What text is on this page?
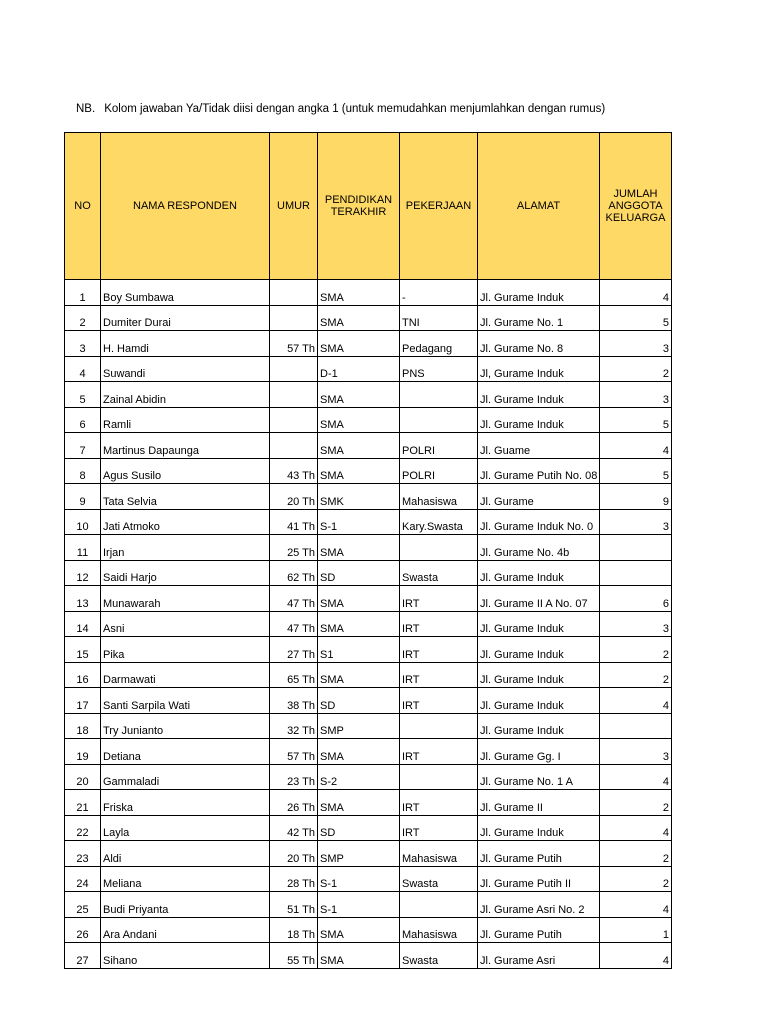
NB. Kolom jawaban Ya/Tidak diisi dengan angka 1 (untuk memudahkan menjumlahkan dengan rumus)
NO	NAMA RESPONDEN	UMUR	PENDIDIKAN TERAKHIR	PEKERJAAN	ALAMAT	JUMLAH ANGGOTA KELUARGA
1	Boy Sumbawa		SMA	-	Jl. Gurame Induk	4
2	Dumiter Durai		SMA	TNI	Jl. Gurame No. 1	5
3	H. Hamdi	57 Th	SMA	Pedagang	Jl. Gurame No. 8	3
4	Suwandi		D-1	PNS	Jl, Gurame Induk	2
5	Zainal Abidin		SMA		Jl. Gurame Induk	3
6	Ramli		SMA		Jl. Gurame Induk	5
7	Martinus Dapaunga		SMA	POLRI	Jl. Guame	4
8	Agus Susilo	43 Th	SMA	POLRI	Jl. Gurame Putih No. 08	5
9	Tata Selvia	20 Th	SMK	Mahasiswa	Jl. Gurame	9
10	Jati Atmoko	41 Th	S-1	Kary.Swasta	Jl. Gurame Induk No. 0	3
11	Irjan	25 Th	SMA		Jl. Gurame No. 4b	
12	Saidi Harjo	62 Th	SD	Swasta	Jl. Gurame Induk	
13	Munawarah	47 Th	SMA	IRT	Jl. Gurame II A No. 07	6
14	Asni	47 Th	SMA	IRT	Jl. Gurame Induk	3
15	Pika	27 Th	S1	IRT	Jl. Gurame Induk	2
16	Darmawati	65 Th	SMA	IRT	Jl. Gurame Induk	2
17	Santi Sarpila Wati	38 Th	SD	IRT	Jl. Gurame Induk	4
18	Try Junianto	32 Th	SMP		Jl. Gurame Induk	
19	Detiana	57 Th	SMA	IRT	Jl. Gurame Gg. I	3
20	Gammaladi	23 Th	S-2		Jl. Gurame No. 1 A	4
21	Friska	26 Th	SMA	IRT	Jl. Gurame II	2
22	Layla	42 Th	SD	IRT	Jl. Gurame Induk	4
23	Aldi	20 Th	SMP	Mahasiswa	Jl. Gurame Putih	2
24	Meliana	28 Th	S-1	Swasta	Jl. Gurame Putih II	2
25	Budi Priyanta	51 Th	S-1		Jl. Gurame Asri No. 2	4
26	Ara Andani	18 Th	SMA	Mahasiswa	Jl. Gurame Putih	1
27	Sihano	55 Th	SMA	Swasta	Jl. Gurame Asri	4
